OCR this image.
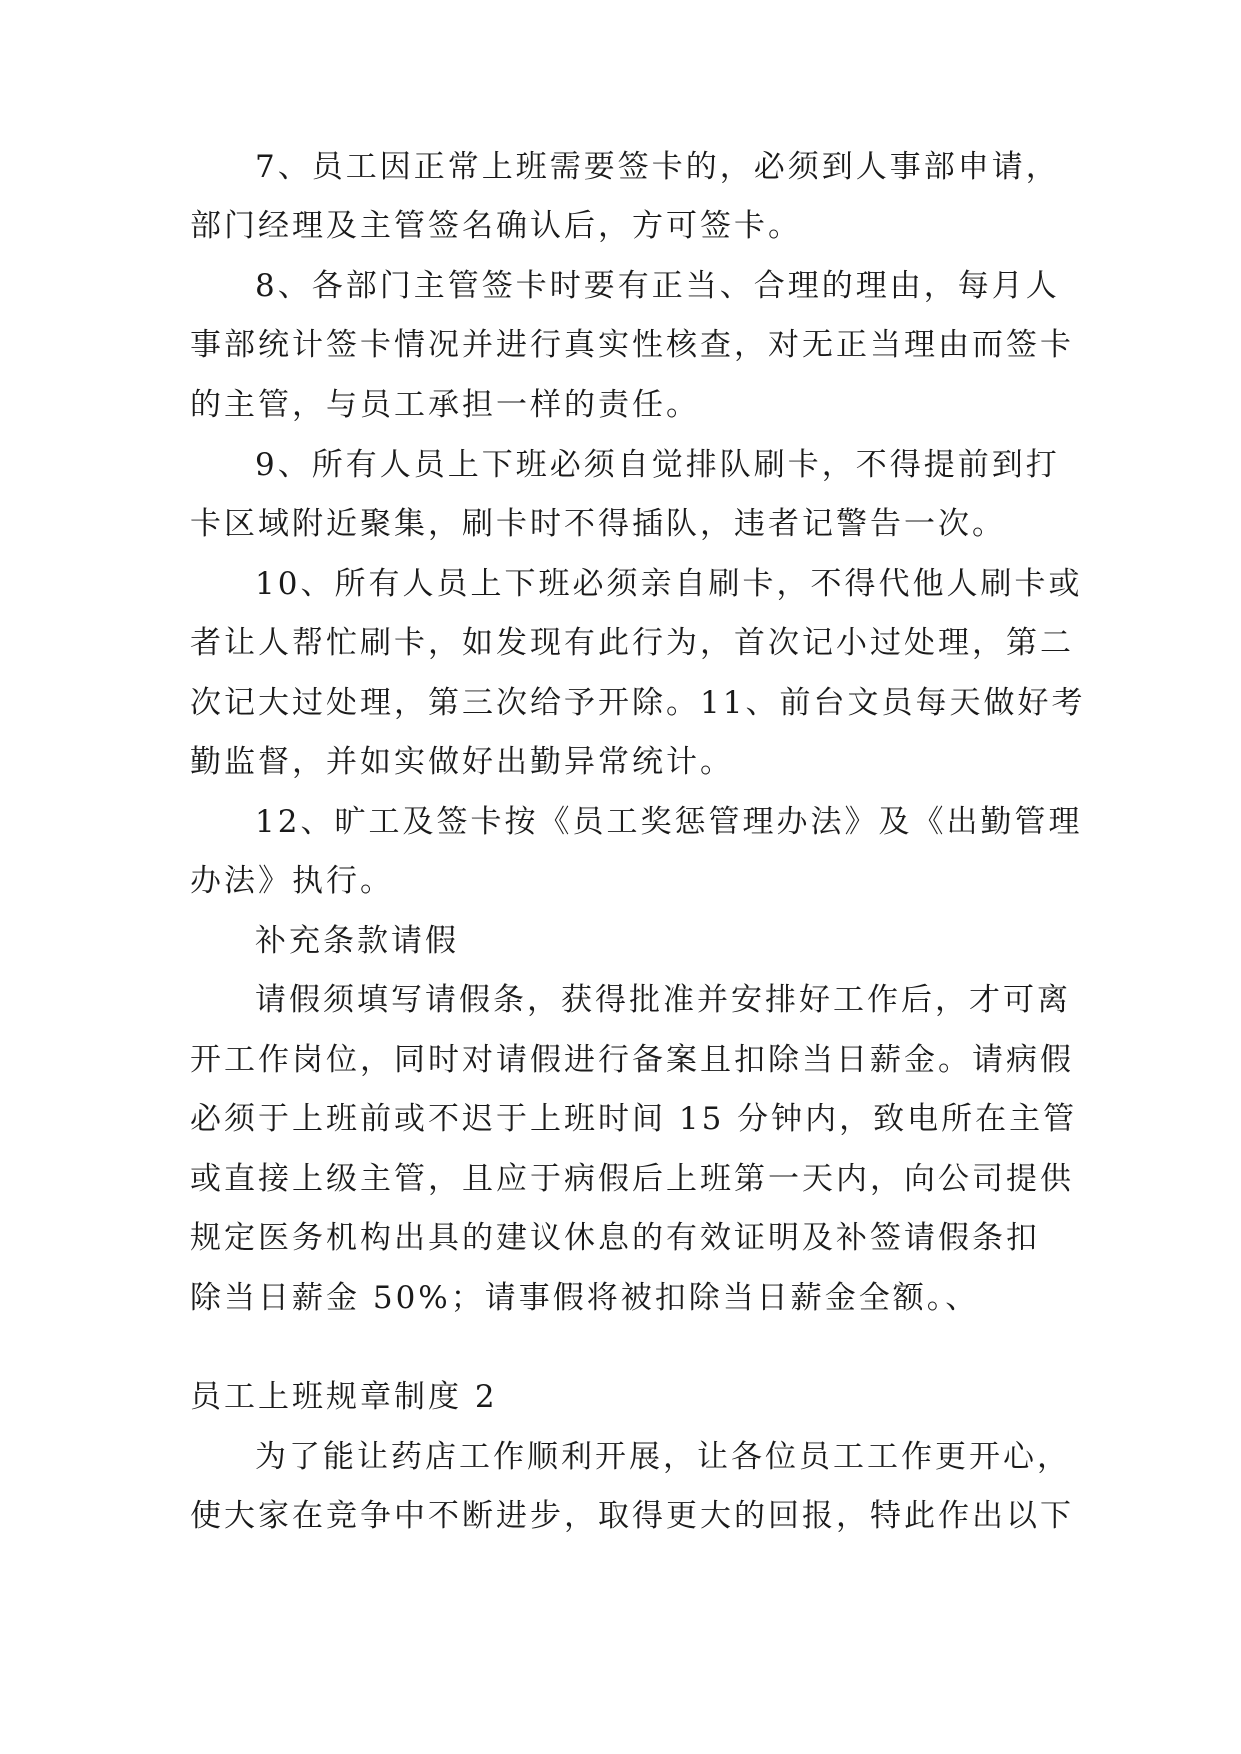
7、员工因正常上班需要签卡的，必须到人事部申请，
部门经理及主管签名确认后，方可签卡。
8、各部门主管签卡时要有正当、合理的理由，每月人
事部统计签卡情况并进行真实性核查，对无正当理由而签卡
的主管，与员工承担一样的责任。
9、所有人员上下班必须自觉排队刷卡，不得提前到打
卡区域附近聚集，刷卡时不得插队，违者记警告一次。
10、所有人员上下班必须亲自刷卡，不得代他人刷卡或
者让人帮忙刷卡，如发现有此行为，首次记小过处理，第二
次记大过处理，第三次给予开除。11、前台文员每天做好考
勤监督，并如实做好出勤异常统计。
12、旷工及签卡按《员工奖惩管理办法》及《出勤管理
办法》执行。
补充条款请假
请假须填写请假条，获得批准并安排好工作后，才可离
开工作岗位，同时对请假进行备案且扣除当日薪金。请病假
必须于上班前或不迟于上班时间 15 分钟内，致电所在主管
或直接上级主管，且应于病假后上班第一天内，向公司提供
规定医务机构出具的建议休息的有效证明及补签请假条扣
除当日薪金 50%；请事假将被扣除当日薪金全额。、
员工上班规章制度 2
为了能让药店工作顺利开展，让各位员工工作更开心，
使大家在竞争中不断进步，取得更大的回报，特此作出以下
